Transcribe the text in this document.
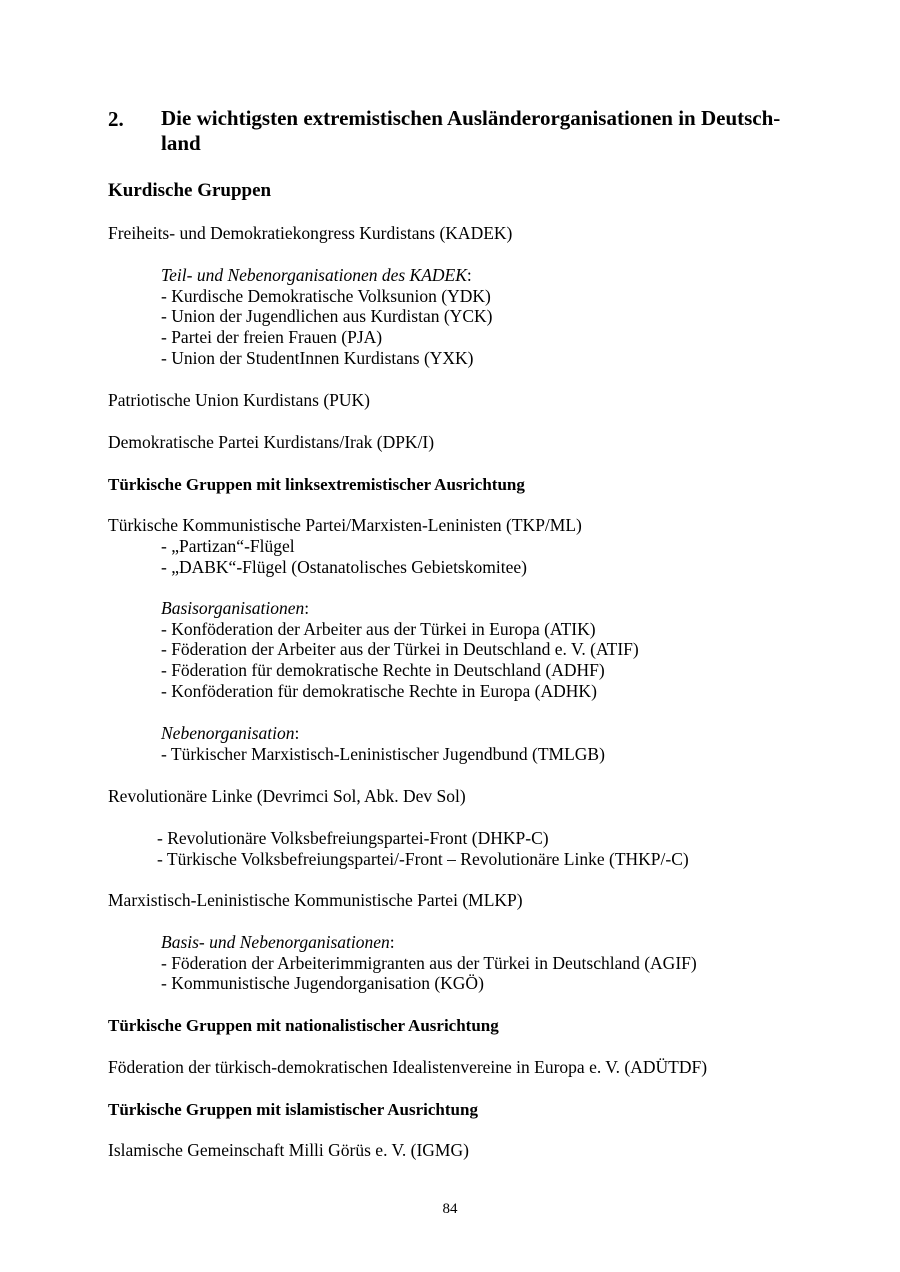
2. Die wichtigsten extremistischen Ausländerorganisationen in Deutsch-land
Kurdische Gruppen
Freiheits- und Demokratiekongress Kurdistans (KADEK)
Teil- und Nebenorganisationen des KADEK:
- Kurdische Demokratische Volksunion (YDK)
- Union der Jugendlichen aus Kurdistan (YCK)
- Partei der freien Frauen (PJA)
- Union der StudentInnen Kurdistans (YXK)
Patriotische Union Kurdistans (PUK)
Demokratische Partei Kurdistans/Irak (DPK/I)
Türkische Gruppen mit linksextremistischer Ausrichtung
Türkische Kommunistische Partei/Marxisten-Leninisten (TKP/ML)
- „Partizan“-Flügel
- „DABK“-Flügel (Ostanatolisches Gebietskomitee)
Basisorganisationen:
- Konföderation der Arbeiter aus der Türkei in Europa (ATIK)
- Föderation der Arbeiter aus der Türkei in Deutschland e. V. (ATIF)
- Föderation für demokratische Rechte in Deutschland (ADHF)
- Konföderation für demokratische Rechte in Europa (ADHK)
Nebenorganisation:
- Türkischer Marxistisch-Leninistischer Jugendbund (TMLGB)
Revolutionäre Linke (Devrimci Sol, Abk. Dev Sol)
- Revolutionäre Volksbefreiungspartei-Front (DHKP-C)
- Türkische Volksbefreiungspartei/-Front – Revolutionäre Linke (THKP/-C)
Marxistisch-Leninistische Kommunistische Partei (MLKP)
Basis- und Nebenorganisationen:
- Föderation der Arbeiterimmigranten aus der Türkei in Deutschland (AGIF)
- Kommunistische Jugendorganisation (KGÖ)
Türkische Gruppen mit nationalistischer Ausrichtung
Föderation der türkisch-demokratischen Idealistenvereine in Europa e. V. (ADÜTDF)
Türkische Gruppen mit islamistischer Ausrichtung
Islamische Gemeinschaft Milli Görüs e. V. (IGMG)
84
